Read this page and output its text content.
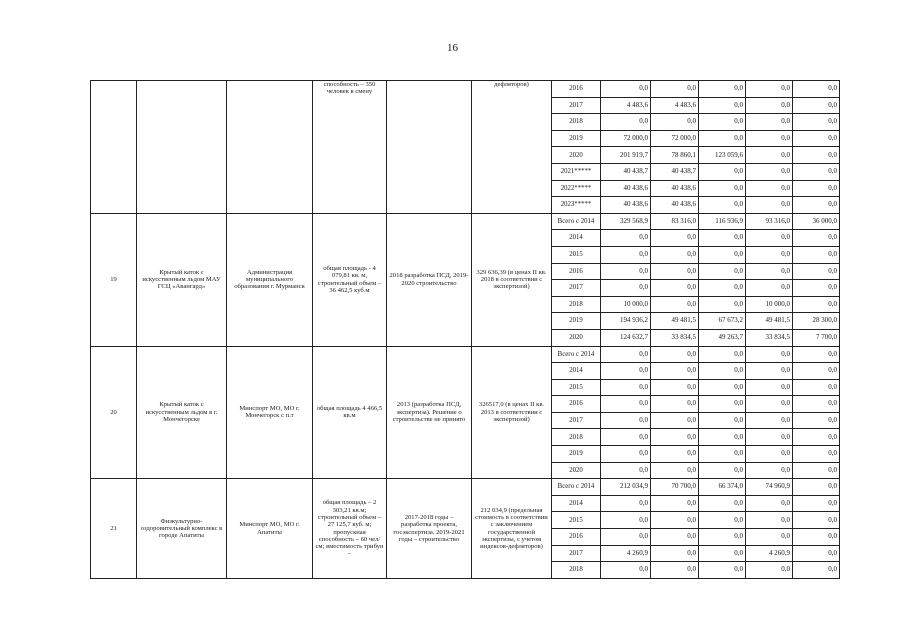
16
			способность – 350 человек в смену		дефляторов)	2016	0,0	0,0	0,0	0,0	0,0
						2017	4 483,6	4 483,6	0,0	0,0	0,0
						2018	0,0	0,0	0,0	0,0	0,0
						2019	72 000,0	72 000,0	0,0	0,0	0,0
						2020	201 919,7	78 860,1	123 059,6	0,0	0,0
						2021*****	40 438,7	40 438,7	0,0	0,0	0,0
						2022*****	40 438,6	40 438,6	0,0	0,0	0,0
						2023*****	40 438,6	40 438,6	0,0	0,0	0,0
19	Крытый каток с искусственным льдом МАУ ГСЦ «Авангард»	Администрация муниципального образования г. Мурманск	общая площадь - 4 079,81 кв. м, строительный объем – 36 462,5 куб.м	2018 разработка ПСД, 2019-2020 строительство	329 636,39 (в ценах II кв. 2018 в соответствии с экспертизой)	Всего с 2014	329 568,9	83 316,0	116 936,9	93 316,0	36 000,0
						2014	0,0	0,0	0,0	0,0	0,0
						2015	0,0	0,0	0,0	0,0	0,0
						2016	0,0	0,0	0,0	0,0	0,0
						2017	0,0	0,0	0,0	0,0	0,0
						2018	10 000,0	0,0	0,0	10 000,0	0,0
						2019	194 936,2	49 481,5	67 673,2	49 481,5	28 300,0
						2020	124 632,7	33 834,5	49 263,7	33 834,5	7 700,0
20	Крытый каток с искусственным льдом в г. Мончегорске	Минспорт МО, МО г. Мончегорск с п.т	общая площадь 4 466,5 кв.м	2013 (разработка ПСД, экспертиза). Решение о строительстве не принято	326517,0 (в ценах II кв. 2013 в соответствии с экспертизой)	Всего с 2014	0,0	0,0	0,0	0,0	0,0
						2014	0,0	0,0	0,0	0,0	0,0
						2015	0,0	0,0	0,0	0,0	0,0
						2016	0,0	0,0	0,0	0,0	0,0
						2017	0,0	0,0	0,0	0,0	0,0
						2018	0,0	0,0	0,0	0,0	0,0
						2019	0,0	0,0	0,0	0,0	0,0
						2020	0,0	0,0	0,0	0,0	0,0
21	Физкультурно-оздоровительный комплекс в городе Апатиты	Минспорт МО, МО г. Апатиты	общая площадь – 2 303,21 кв.м; строительный объем – 27 125,7 куб. м; пропускная способность – 60 чел/см; вместимость трибун –	2017-2018 годы – разработка проекта, госэкспертиза. 2019-2021 годы – строительство	212 034,9 (предельная стоимость в соответствии с заключением государственной экспертизы, с учетом индексов-дефляторов)	Всего с 2014	212 034,9	70 700,0	66 374,0	74 960,9	0,0
						2014	0,0	0,0	0,0	0,0	0,0
						2015	0,0	0,0	0,0	0,0	0,0
						2016	0,0	0,0	0,0	0,0	0,0
						2017	4 260,9	0,0	0,0	4 260,9	0,0
						2018	0,0	0,0	0,0	0,0	0,0
